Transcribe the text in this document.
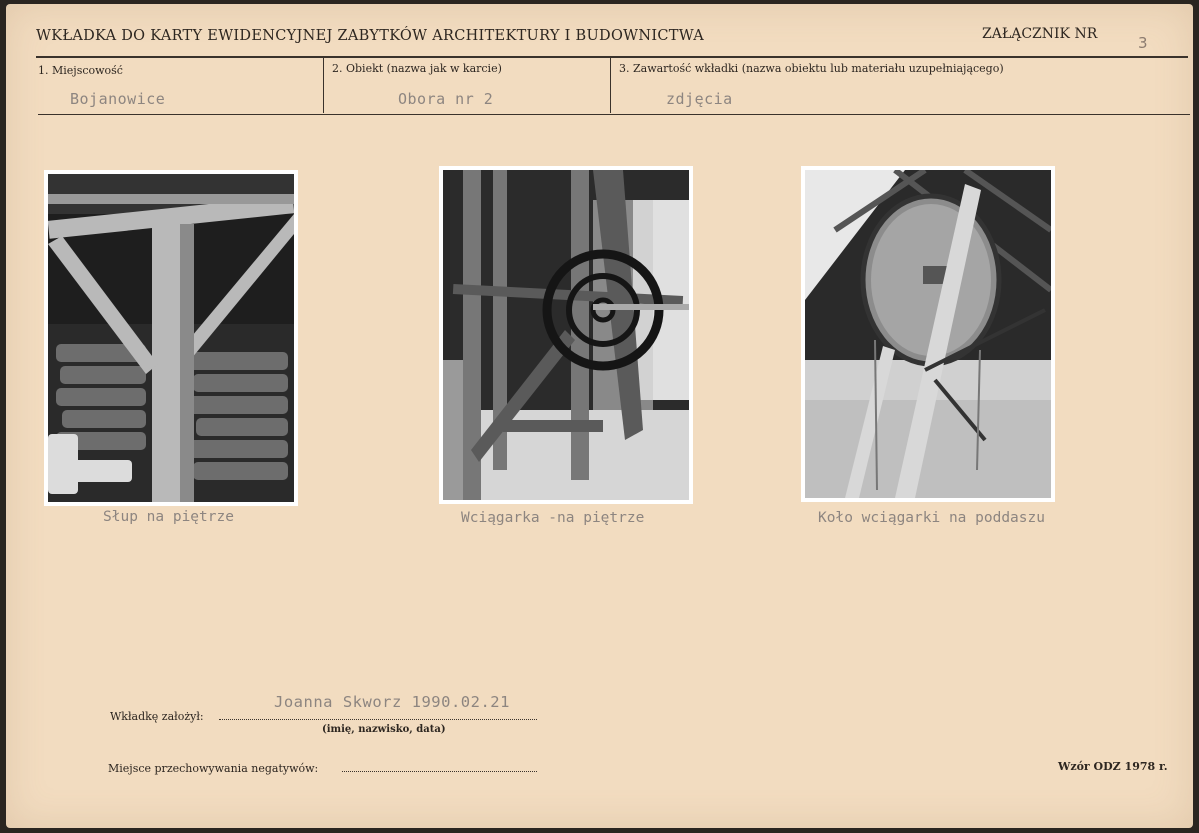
WKŁADKA DO KARTY EWIDENCYJNEJ ZABYTKÓW ARCHITEKTURY I BUDOWNICTWA	ZAŁĄCZNIK NR	3
1. Miejscowość
Bojanowice
2. Obiekt (nazwa jak w karcie)
Obora nr 2
3. Zawartość wkładki (nazwa obiektu lub materiału uzupełniającego)
zdjęcia
Słup na piętrze	Wciągarka -na piętrze	Koło wciągarki na poddaszu
Joanna Skworz 1990.02.21
Wkładkę założył:
(imię, nazwisko, data)
Miejsce przechowywania negatywów:	Wzór ODZ 1978 r.
